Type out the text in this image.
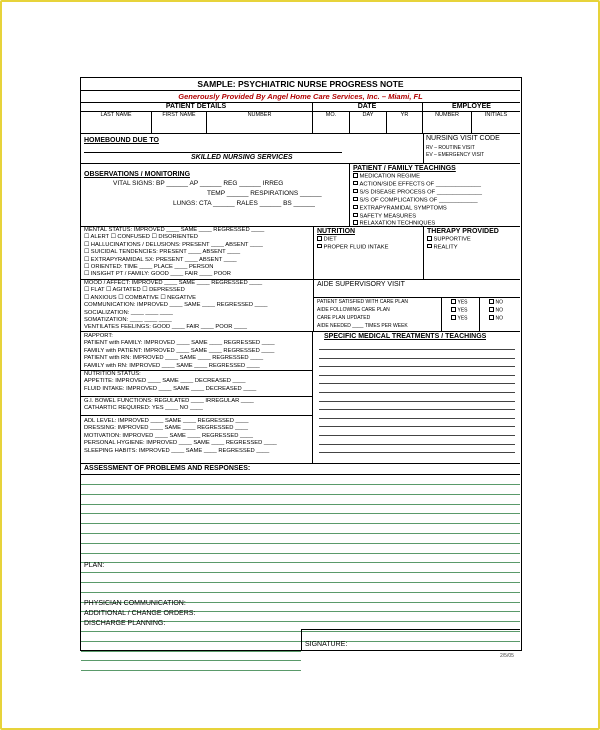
SAMPLE: PSYCHIATRIC NURSE PROGRESS NOTE
Generously Provided By Angel Home Care Services, Inc. – Miami, FL
PATIENT DETAILS	DATE	EMPLOYEE
LAST NAME	FIRST NAME	NUMBER	MO.	DAY	YR	NUMBER	INITIALS
HOMEBOUND DUE TO
SKILLED NURSING SERVICES
NURSING VISIT CODE
RV – ROUTINE VISIT
EV – EMERGENCY VISIT
OBSERVATIONS / MONITORING
VITAL SIGNS: BP ______ AP ______ REG ______ IRREG
TEMP ______ RESPIRATIONS ______
LUNGS: CTA ______ RALES ______ BS ______
PATIENT / FAMILY TEACHINGS
MEDICATION REGIME
ACTION/SIDE EFFECTS OF ______________
S/S DISEASE PROCESS OF ______________
S/S OF COMPLICATIONS OF ____________
EXTRAPYRAMIDAL SYMPTOMS
SAFETY MEASURES
RELAXATION TECHNIQUES
MENTAL STATUS: IMPROVED ____ SAME ____ REGRESSED ____
☐ ALERT ☐ CONFUSED ☐ DISORIENTED
☐ HALLUCINATIONS / DELUSIONS: PRESENT ____ ABSENT ____
☐ SUICIDAL TENDENCIES: PRESENT ____ ABSENT ____
☐ EXTRAPYRAMIDAL SX: PRESENT ____ ABSENT ____
☐ ORIENTED: TIME ____ PLACE ____ PERSON
☐ INSIGHT PT / FAMILY: GOOD ____ FAIR ____ POOR
NUTRITION
DIET
PROPER FLUID INTAKE
THERAPY PROVIDED
SUPPORTIVE
REALITY
MOOD / AFFECT: IMPROVED ____ SAME ____ REGRESSED ____
☐ FLAT ☐ AGITATED ☐ DEPRESSED
☐ ANXIOUS ☐ COMBATIVE ☐ NEGATIVE
COMMUNICATION: IMPROVED ____ SAME ____ REGRESSED ____
SOCIALIZATION: ____ ____ ____
SOMATIZATION: ____ ____ ____
VENTILATES FEELINGS: GOOD ____ FAIR ____ POOR ____
AIDE SUPERVISORY VISIT
PATIENT SATISFIED WITH CARE PLAN	YES	NO
AIDE FOLLOWING CARE PLAN	YES	NO
CARE PLAN UPDATED	YES	NO
AIDE NEEDED ____ TIMES PER WEEK
RAPPORT:
PATIENT with FAMILY: IMPROVED ____ SAME ____ REGRESSED ____
FAMILY with PATIENT: IMPROVED ____ SAME ____ REGRESSED ____
PATIENT with RN: IMPROVED ____ SAME ____ REGRESSED ____
FAMILY with RN: IMPROVED ____ SAME ____ REGRESSED ____
NUTRITION STATUS:
APPETITE: IMPROVED ____ SAME ____ DECREASED ____
FLUID INTAKE: IMPROVED ____ SAME ____ DECREASED ____
G.I. BOWEL FUNCTIONS: REGULATED ____ IRREGULAR ____
CATHARTIC REQUIRED: YES ____ NO ____
ADL LEVEL: IMPROVED ____ SAME ____ REGRESSED ____
DRESSING: IMPROVED ____ SAME ____ REGRESSED ____
MOTIVATION: IMPROVED ____ SAME ____ REGRESSED ____
PERSONAL HYGIENE: IMPROVED ____ SAME ____ REGRESSED ____
SLEEPING HABITS: IMPROVED ____ SAME ____ REGRESSED ____
SPECIFIC MEDICAL TREATMENTS / TEACHINGS
ASSESSMENT OF PROBLEMS AND RESPONSES:
PLAN:
PHYSICIAN COMMUNICATION:
ADDITIONAL / CHANGE ORDERS:
DISCHARGE PLANNING:
SIGNATURE:
2/5/05
